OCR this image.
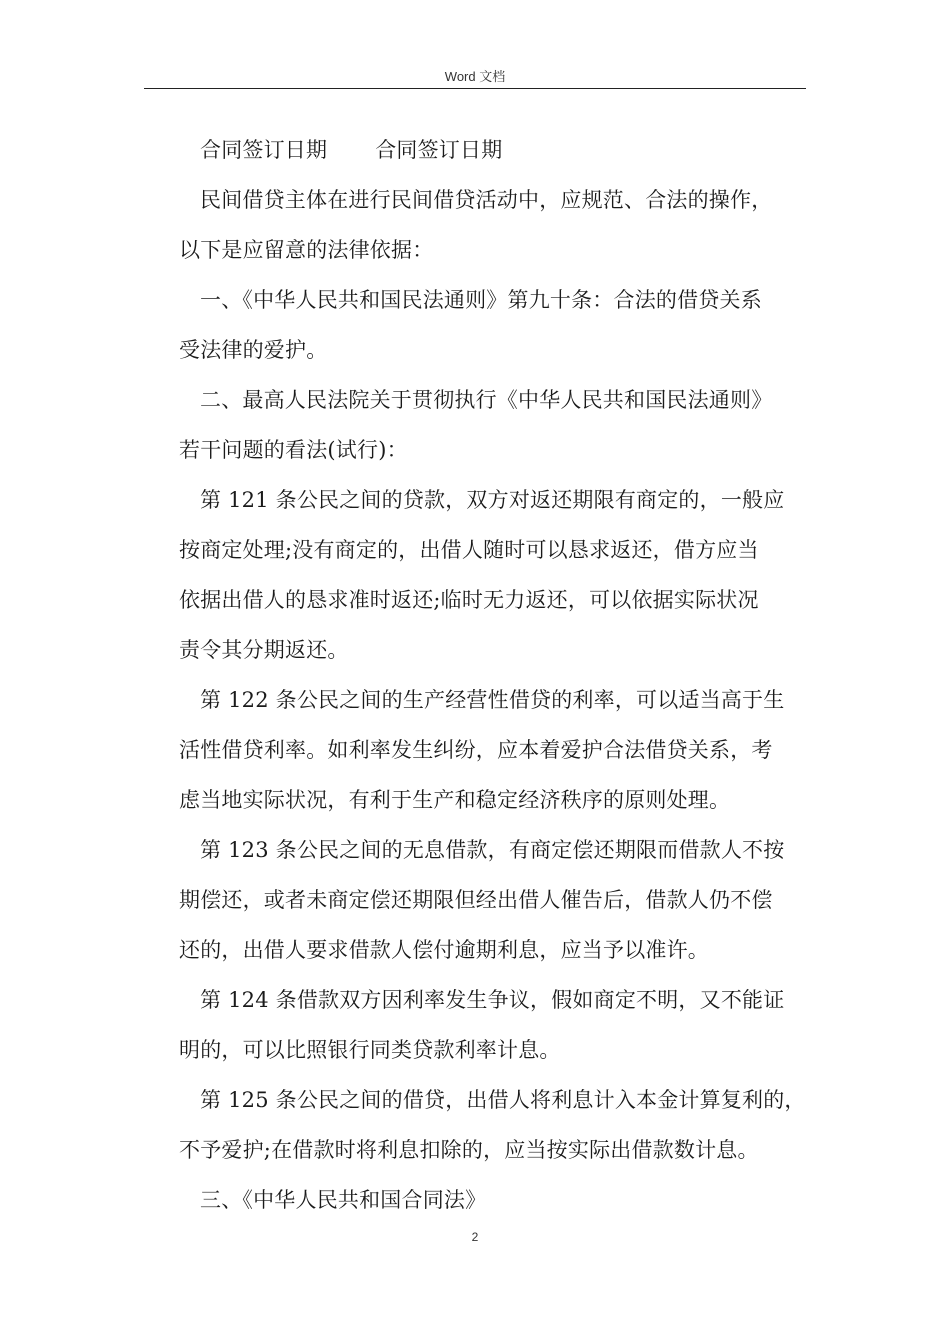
Word 文档
合同签订日期 合同签订日期
民间借贷主体在进行民间借贷活动中，应规范、合法的操作，
以下是应留意的法律依据：
一、《中华人民共和国民法通则》第九十条：合法的借贷关系
受法律的爱护。
二、最高人民法院关于贯彻执行《中华人民共和国民法通则》
若干问题的看法(试行)：
第 121 条公民之间的贷款，双方对返还期限有商定的，一般应
按商定处理;没有商定的，出借人随时可以恳求返还，借方应当
依据出借人的恳求准时返还;临时无力返还，可以依据实际状况
责令其分期返还。
第 122 条公民之间的生产经营性借贷的利率，可以适当高于生
活性借贷利率。如利率发生纠纷，应本着爱护合法借贷关系，考
虑当地实际状况，有利于生产和稳定经济秩序的原则处理。
第 123 条公民之间的无息借款，有商定偿还期限而借款人不按
期偿还，或者未商定偿还期限但经出借人催告后，借款人仍不偿
还的，出借人要求借款人偿付逾期利息，应当予以准许。
第 124 条借款双方因利率发生争议，假如商定不明，又不能证
明的，可以比照银行同类贷款利率计息。
第 125 条公民之间的借贷，出借人将利息计入本金计算复利的，
不予爱护;在借款时将利息扣除的，应当按实际出借款数计息。
三、《中华人民共和国合同法》
2
